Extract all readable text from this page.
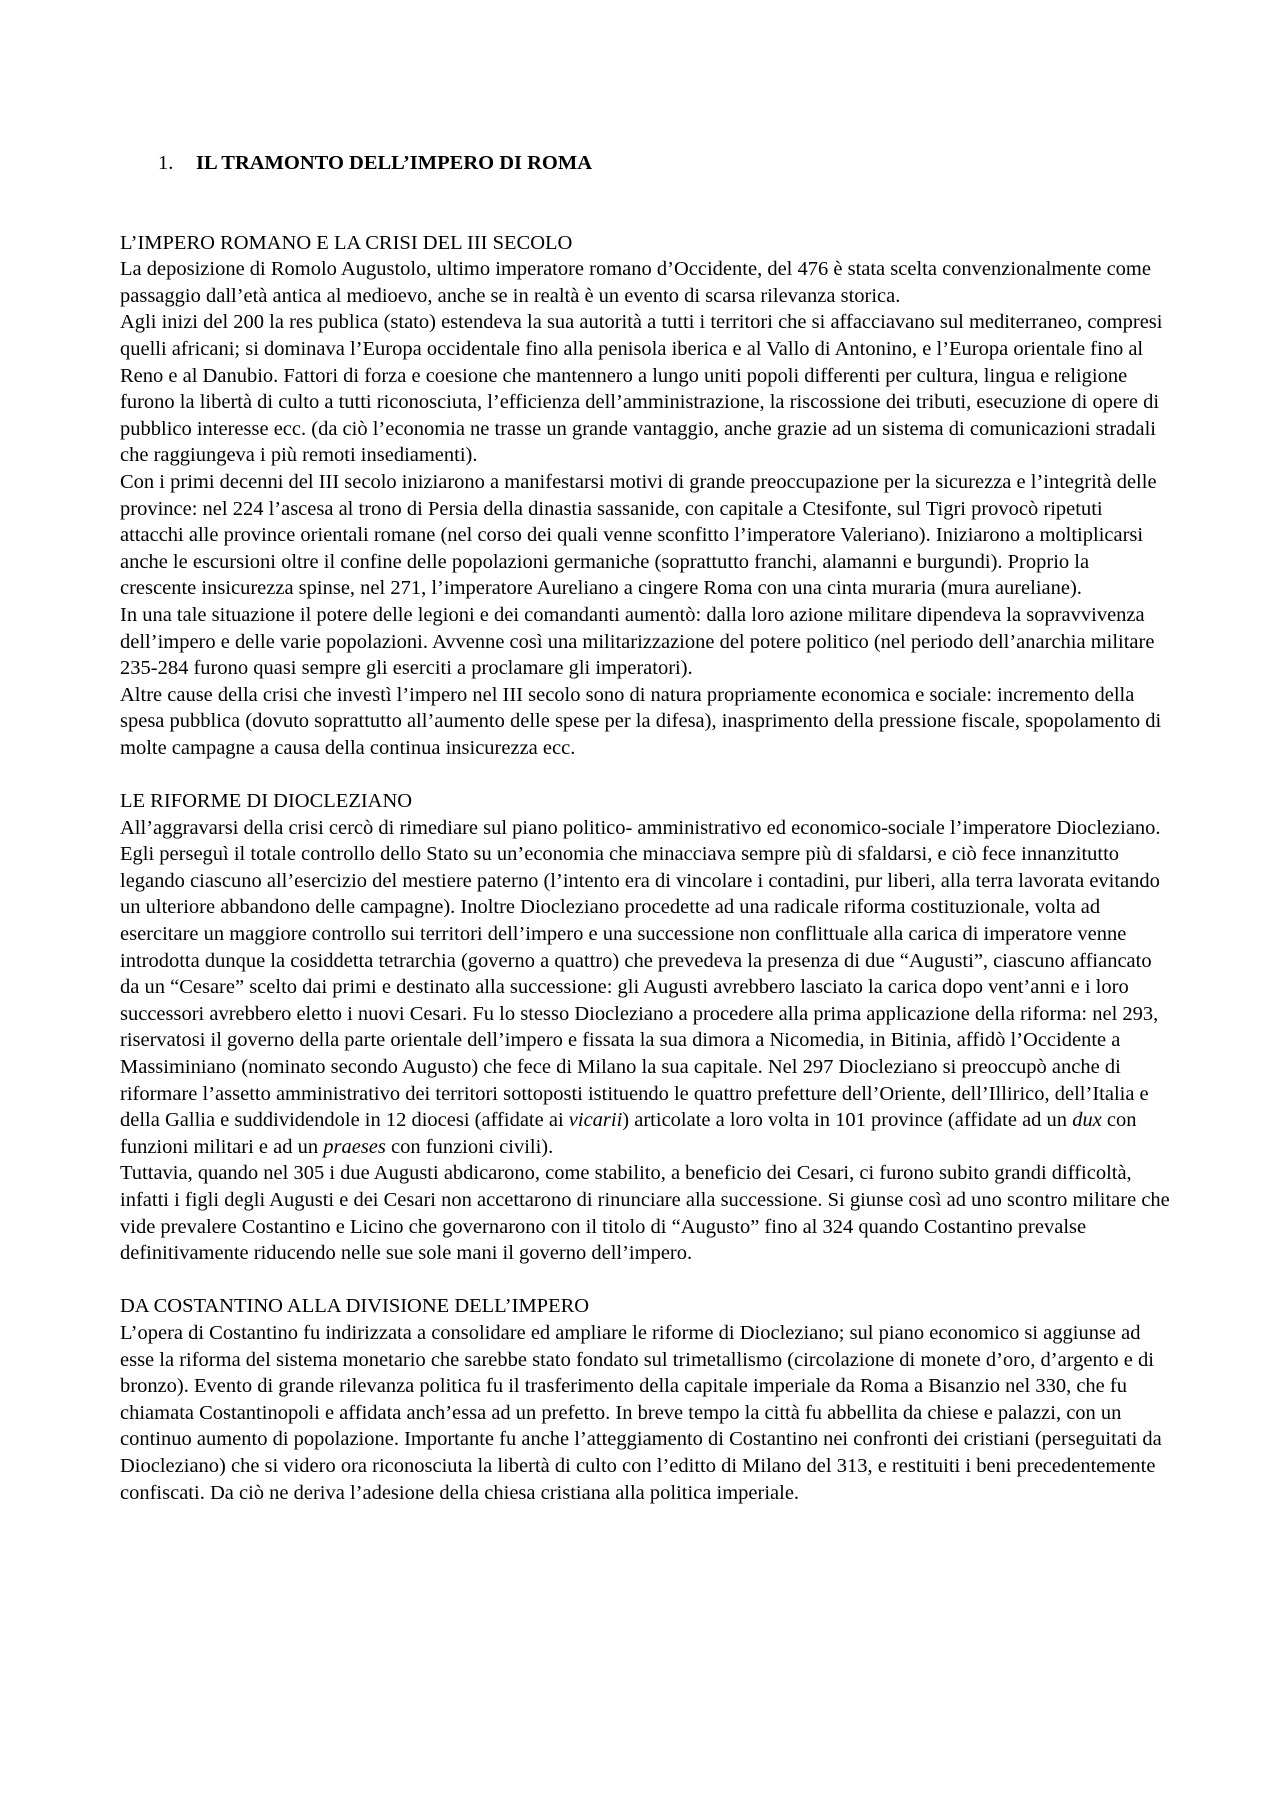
1. IL TRAMONTO DELL’IMPERO DI ROMA
L’IMPERO ROMANO E LA CRISI DEL III SECOLO

La deposizione di Romolo Augustolo, ultimo imperatore romano d’Occidente, del 476 è stata scelta convenzionalmente come passaggio dall’età antica al medioevo, anche se in realtà è un evento di scarsa rilevanza storica.

Agli inizi del 200 la res publica (stato) estendeva la sua autorità a tutti i territori che si affacciavano sul mediterraneo, compresi quelli africani; si dominava l’Europa occidentale fino alla penisola iberica e al Vallo di Antonino, e l’Europa orientale fino al Reno e al Danubio. Fattori di forza e coesione che mantennero a lungo uniti popoli differenti per cultura, lingua e religione furono la libertà di culto a tutti riconosciuta, l’efficienza dell’amministrazione, la riscossione dei tributi, esecuzione di opere di pubblico interesse ecc. (da ciò l’economia ne trasse un grande vantaggio, anche grazie ad un sistema di comunicazioni stradali che raggiungeva i più remoti insediamenti).

Con i primi decenni del III secolo iniziarono a manifestarsi motivi di grande preoccupazione per la sicurezza e l’integrità delle province: nel 224 l’ascesa al trono di Persia della dinastia sassanide, con capitale a Ctesifonte, sul Tigri provocò ripetuti attacchi alle province orientali romane (nel corso dei quali venne sconfitto l’imperatore Valeriano). Iniziarono a moltiplicarsi anche le escursioni oltre il confine delle popolazioni germaniche (soprattutto franchi, alamanni e burgundi). Proprio la crescente insicurezza spinse, nel 271, l’imperatore Aureliano a cingere Roma con una cinta muraria (mura aureliane).

In una tale situazione il potere delle legioni e dei comandanti aumentò: dalla loro azione militare dipendeva la sopravvivenza dell’impero e delle varie popolazioni. Avvenne così una militarizzazione del potere politico (nel periodo dell’anarchia militare 235-284 furono quasi sempre gli eserciti a proclamare gli imperatori).

Altre cause della crisi che investì l’impero nel III secolo sono di natura propriamente economica e sociale: incremento della spesa pubblica (dovuto soprattutto all’aumento delle spese per la difesa), inasprimento della pressione fiscale, spopolamento di molte campagne a causa della continua insicurezza ecc.

LE RIFORME DI DIOCLEZIANO

All’aggravarsi della crisi cercò di rimediare sul piano politico- amministrativo ed economico-sociale l’imperatore Diocleziano. Egli perseguì il totale controllo dello Stato su un’economia che minacciava sempre più di sfaldarsi, e ciò fece innanzitutto legando ciascuno all’esercizio del mestiere paterno (l’intento era di vincolare i contadini, pur liberi, alla terra lavorata evitando un ulteriore abbandono delle campagne). Inoltre Diocleziano procedette ad una radicale riforma costituzionale, volta ad esercitare un maggiore controllo sui territori dell’impero e una successione non conflittuale alla carica di imperatore venne introdotta dunque la cosiddetta tetrarchia (governo a quattro) che prevedeva la presenza di due “Augusti”, ciascuno affiancato da un “Cesare” scelto dai primi e destinato alla successione: gli Augusti avrebbero lasciato la carica dopo vent’anni e i loro successori avrebbero eletto i nuovi Cesari. Fu lo stesso Diocleziano a procedere alla prima applicazione della riforma: nel 293, riservatosi il governo della parte orientale dell’impero e fissata la sua dimora a Nicomedia, in Bitinia, affidò l’Occidente a Massiminiano (nominato secondo Augusto) che fece di Milano la sua capitale. Nel 297 Diocleziano si preoccupò anche di riformare l’assetto amministrativo dei territori sottoposti istituendo le quattro prefetture dell’Oriente, dell’Illirico, dell’Italia e della Gallia e suddividendole in 12 diocesi (affidate ai vicarii) articolate a loro volta in 101 province (affidate ad un dux con funzioni militari e ad un praeses con funzioni civili).

Tuttavia, quando nel 305 i due Augusti abdicarono, come stabilito, a beneficio dei Cesari, ci furono subito grandi difficoltà, infatti i figli degli Augusti e dei Cesari non accettarono di rinunciare alla successione. Si giunse così ad uno scontro militare che vide prevalere Costantino e Licino che governarono con il titolo di “Augusto” fino al 324 quando Costantino prevalse definitivamente riducendo nelle sue sole mani il governo dell’impero.

DA COSTANTINO ALLA DIVISIONE DELL’IMPERO

L’opera di Costantino fu indirizzata a consolidare ed ampliare le riforme di Diocleziano; sul piano economico si aggiunse ad esse la riforma del sistema monetario che sarebbe stato fondato sul trimetallismo (circolazione di monete d’oro, d’argento e di bronzo). Evento di grande rilevanza politica fu il trasferimento della capitale imperiale da Roma a Bisanzio nel 330, che fu chiamata Costantinopoli e affidata anch’essa ad un prefetto. In breve tempo la città fu abbellita da chiese e palazzi, con un continuo aumento di popolazione. Importante fu anche l’atteggiamento di Costantino nei confronti dei cristiani (perseguitati da Diocleziano) che si videro ora riconosciuta la libertà di culto con l’editto di Milano del 313, e restituiti i beni precedentemente confiscati. Da ciò ne deriva l’adesione della chiesa cristiana alla politica imperiale.
